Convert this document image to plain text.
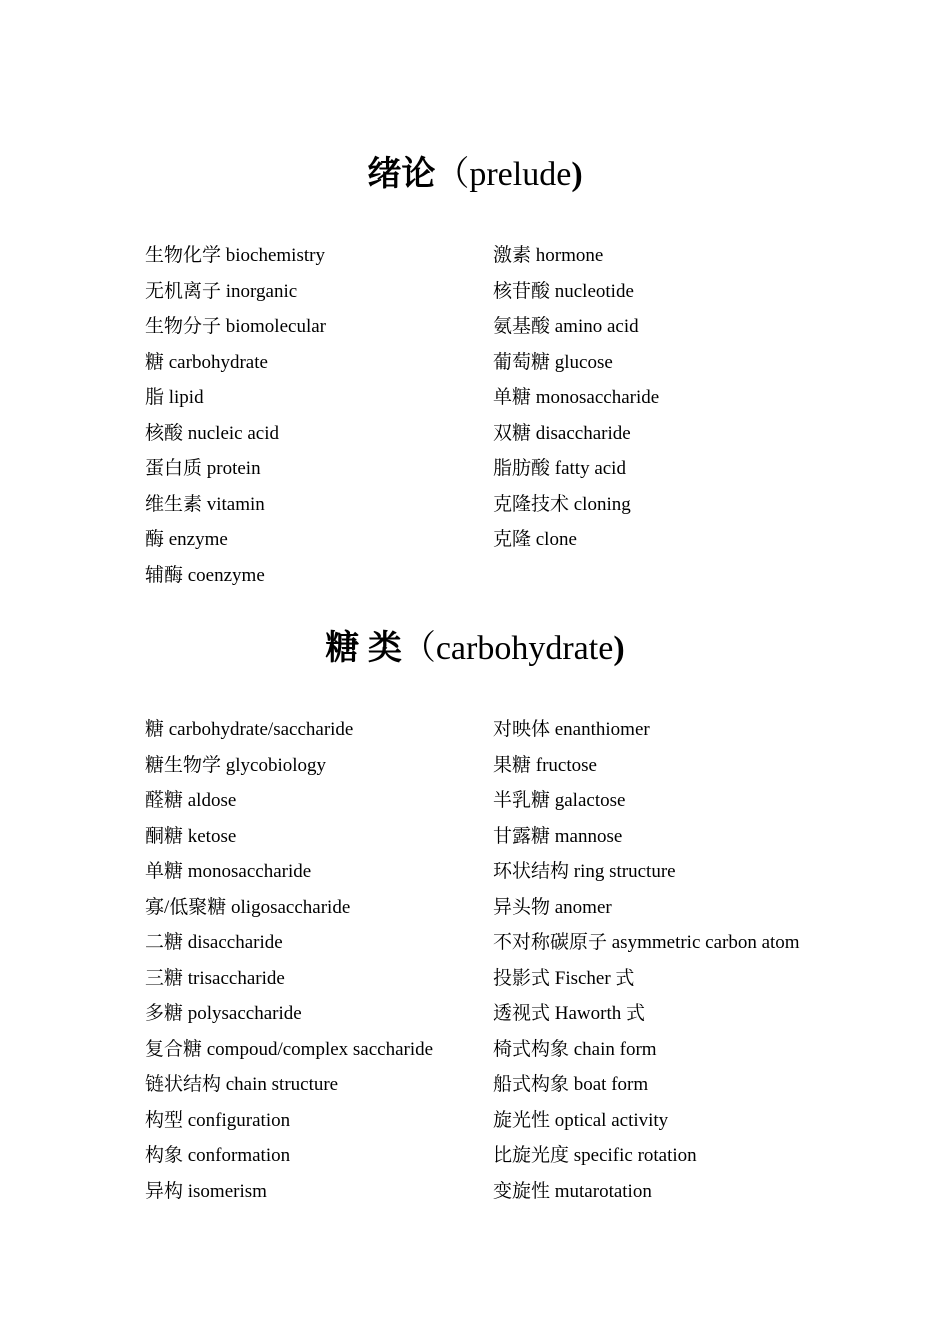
绪论（prelude)
生物化学 biochemistry
无机离子 inorganic
生物分子 biomolecular
糖 carbohydrate
脂 lipid
核酸 nucleic acid
蛋白质 protein
维生素 vitamin
酶 enzyme
辅酶 coenzyme
激素 hormone
核苷酸 nucleotide
氨基酸 amino acid
葡萄糖 glucose
单糖 monosaccharide
双糖 disaccharide
脂肪酸 fatty acid
克隆技术 cloning
克隆 clone
糖 类（carbohydrate)
糖 carbohydrate/saccharide
糖生物学 glycobiology
醛糖 aldose
酮糖 ketose
单糖 monosaccharide
寡/低聚糖 oligosaccharide
二糖 disaccharide
三糖 trisaccharide
多糖 polysaccharide
复合糖 compoud/complex saccharide
链状结构 chain structure
构型 configuration
构象 conformation
异构 isomerism
对映体 enanthiomer
果糖 fructose
半乳糖 galactose
甘露糖 mannose
环状结构 ring structure
异头物 anomer
不对称碳原子 asymmetric carbon atom
投影式 Fischer 式
透视式 Haworth 式
椅式构象 chain form
船式构象 boat form
旋光性 optical activity
比旋光度 specific rotation
变旋性 mutarotation
